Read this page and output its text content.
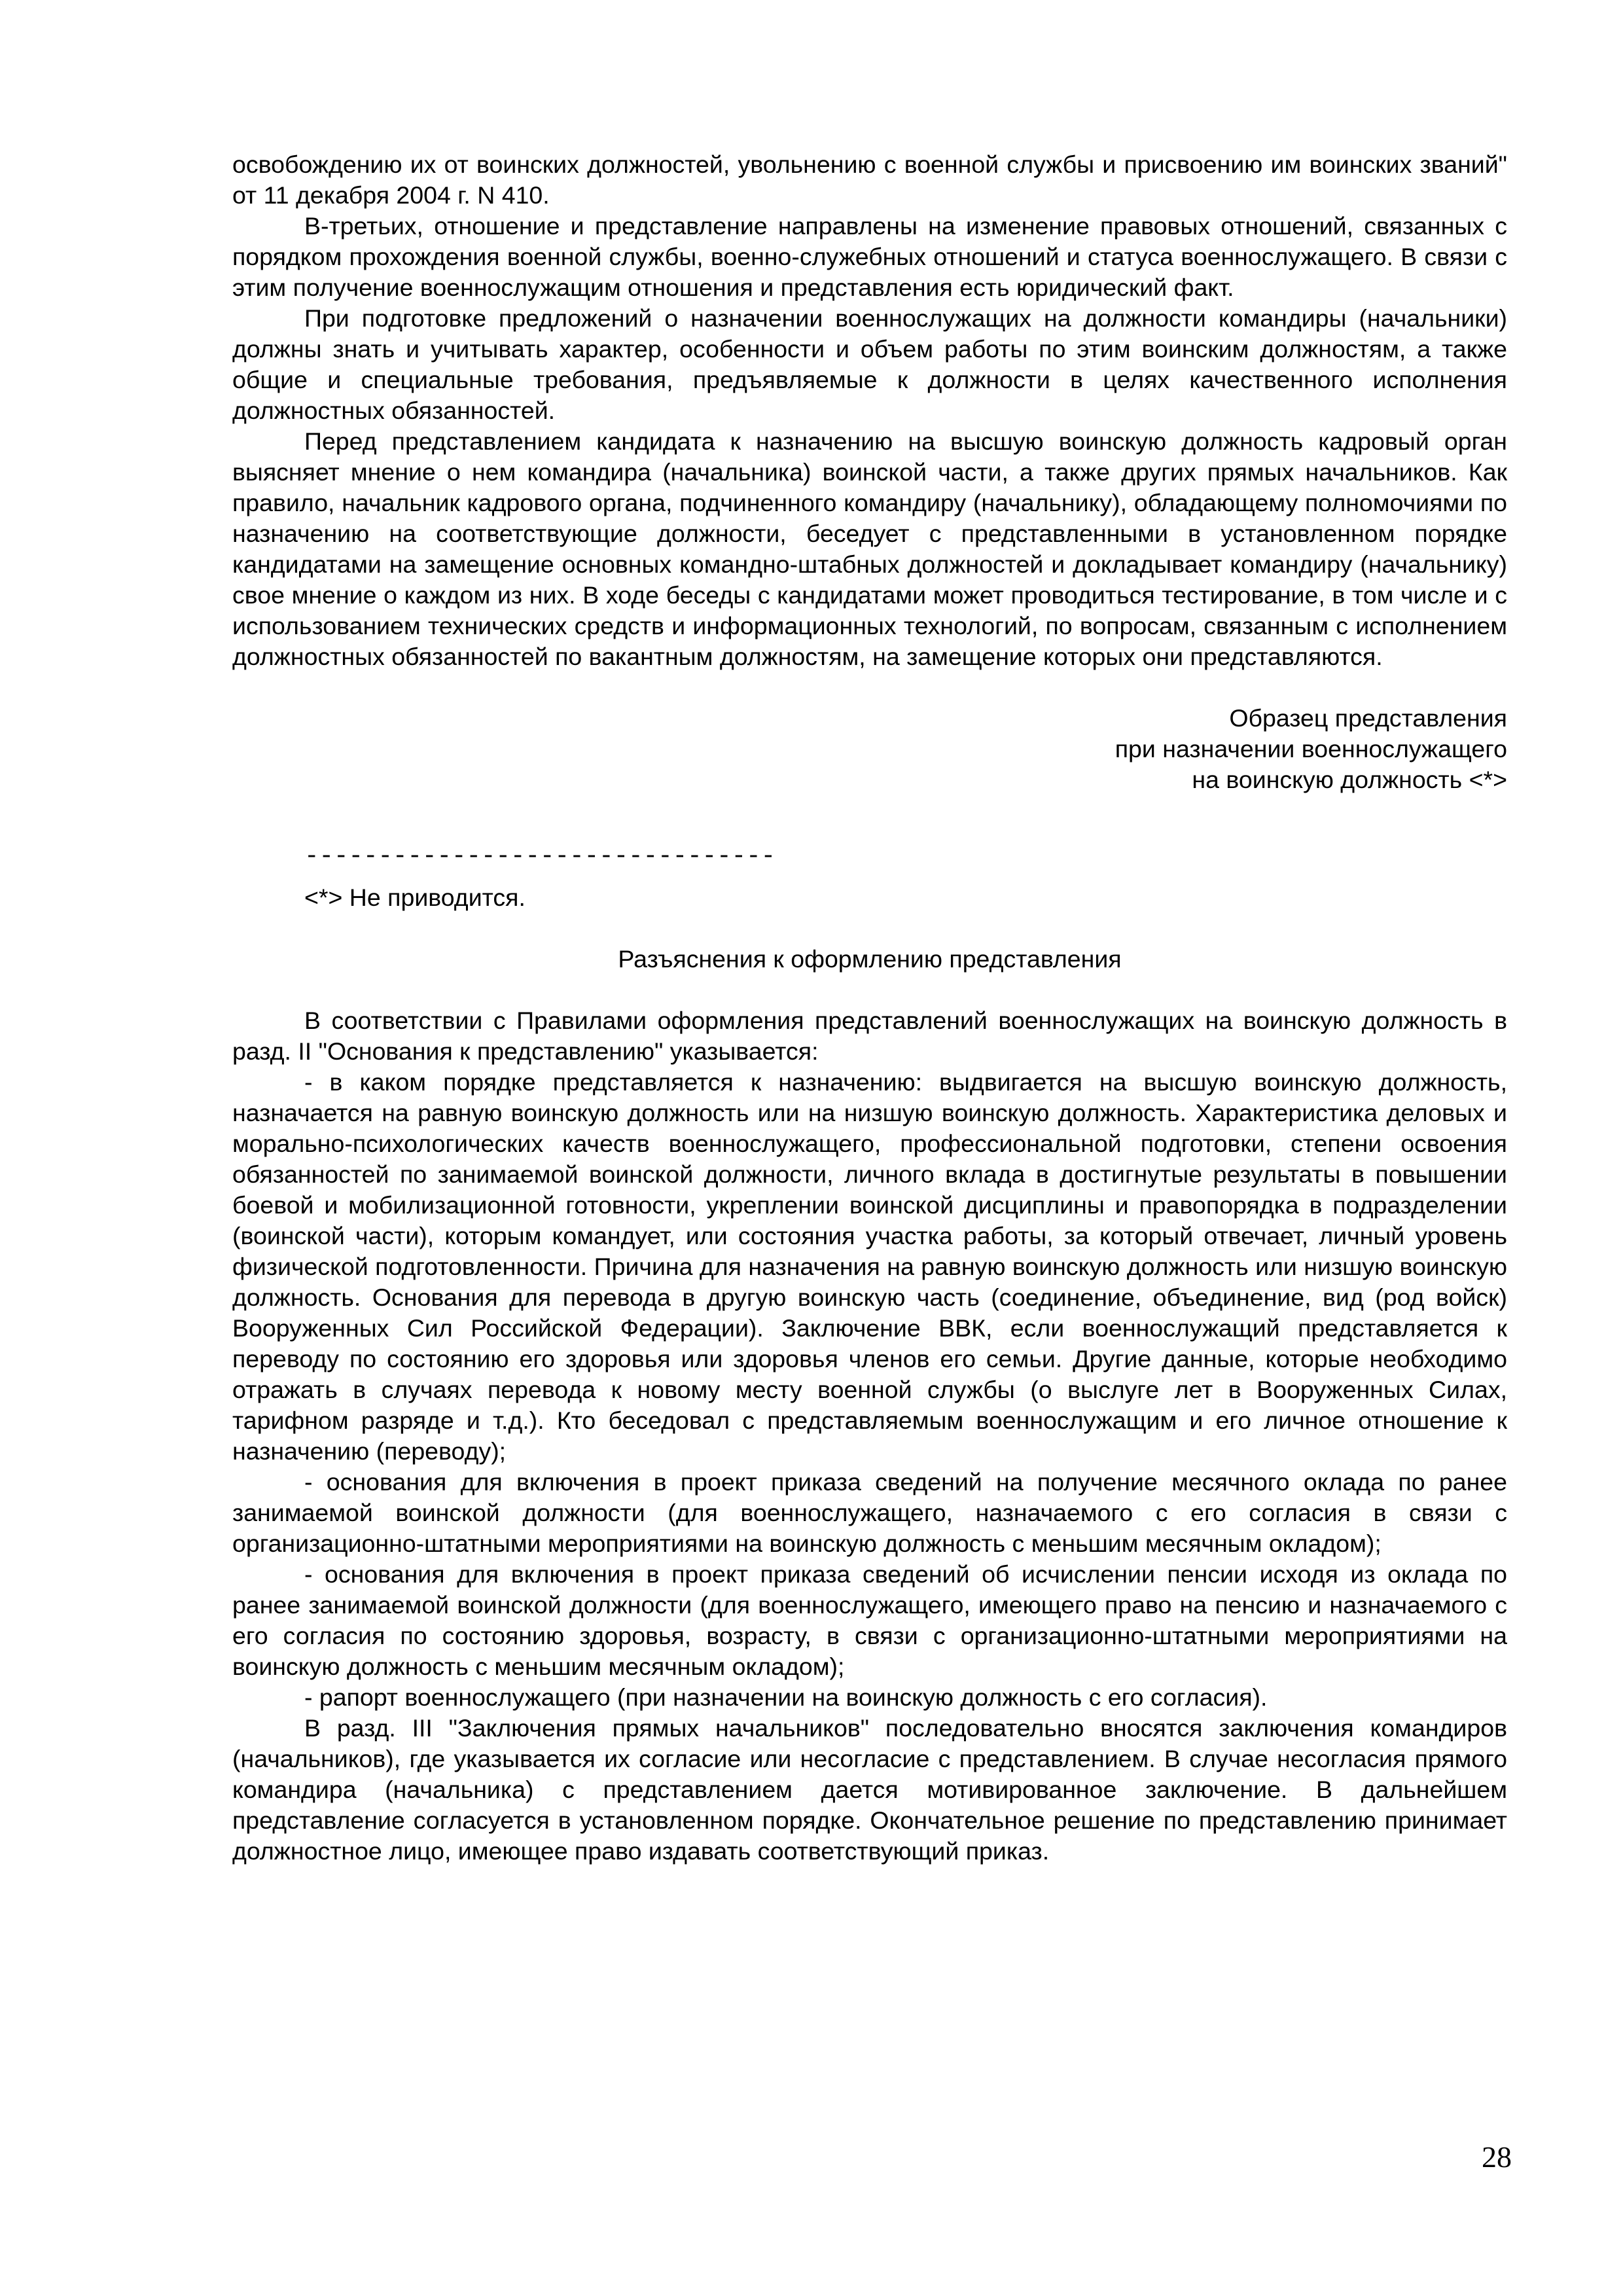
освобождению их от воинских должностей, увольнению с военной службы и присвоению им воинских званий" от 11 декабря 2004 г. N 410.

В-третьих, отношение и представление направлены на изменение правовых отношений, связанных с порядком прохождения военной службы, военно-служебных отношений и статуса военнослужащего. В связи с этим получение военнослужащим отношения и представления есть юридический факт.

При подготовке предложений о назначении военнослужащих на должности командиры (начальники) должны знать и учитывать характер, особенности и объем работы по этим воинским должностям, а также общие и специальные требования, предъявляемые к должности в целях качественного исполнения должностных обязанностей.

Перед представлением кандидата к назначению на высшую воинскую должность кадровый орган выясняет мнение о нем командира (начальника) воинской части, а также других прямых начальников. Как правило, начальник кадрового органа, подчиненного командиру (начальнику), обладающему полномочиями по назначению на соответствующие должности, беседует с представленными в установленном порядке кандидатами на замещение основных командно-штабных должностей и докладывает командиру (начальнику) свое мнение о каждом из них. В ходе беседы с кандидатами может проводиться тестирование, в том числе и с использованием технических средств и информационных технологий, по вопросам, связанным с исполнением должностных обязанностей по вакантным должностям, на замещение которых они представляются.

Образец представления
при назначении военнослужащего
на воинскую должность <*>
--------------------------------
<*> Не приводится.
Разъяснения к оформлению представления

В соответствии с Правилами оформления представлений военнослужащих на воинскую должность в разд. II "Основания к представлению" указывается:

- в каком порядке представляется к назначению: выдвигается на высшую воинскую должность, назначается на равную воинскую должность или на низшую воинскую должность. Характеристика деловых и морально-психологических качеств военнослужащего, профессиональной подготовки, степени освоения обязанностей по занимаемой воинской должности, личного вклада в достигнутые результаты в повышении боевой и мобилизационной готовности, укреплении воинской дисциплины и правопорядка в подразделении (воинской части), которым командует, или состояния участка работы, за который отвечает, личный уровень физической подготовленности. Причина для назначения на равную воинскую должность или низшую воинскую должность. Основания для перевода в другую воинскую часть (соединение, объединение, вид (род войск) Вооруженных Сил Российской Федерации). Заключение ВВК, если военнослужащий представляется к переводу по состоянию его здоровья или здоровья членов его семьи. Другие данные, которые необходимо отражать в случаях перевода к новому месту военной службы (о выслуге лет в Вооруженных Силах, тарифном разряде и т.д.). Кто беседовал с представляемым военнослужащим и его личное отношение к назначению (переводу);

- основания для включения в проект приказа сведений на получение месячного оклада по ранее занимаемой воинской должности (для военнослужащего, назначаемого с его согласия в связи с организационно-штатными мероприятиями на воинскую должность с меньшим месячным окладом);

- основания для включения в проект приказа сведений об исчислении пенсии исходя из оклада по ранее занимаемой воинской должности (для военнослужащего, имеющего право на пенсию и назначаемого с его согласия по состоянию здоровья, возрасту, в связи с организационно-штатными мероприятиями на воинскую должность с меньшим месячным окладом);

- рапорт военнослужащего (при назначении на воинскую должность с его согласия).

В разд. III "Заключения прямых начальников" последовательно вносятся заключения командиров (начальников), где указывается их согласие или несогласие с представлением. В случае несогласия прямого командира (начальника) с представлением дается мотивированное заключение. В дальнейшем представление согласуется в установленном порядке. Окончательное решение по представлению принимает должностное лицо, имеющее право издавать соответствующий приказ.

28
